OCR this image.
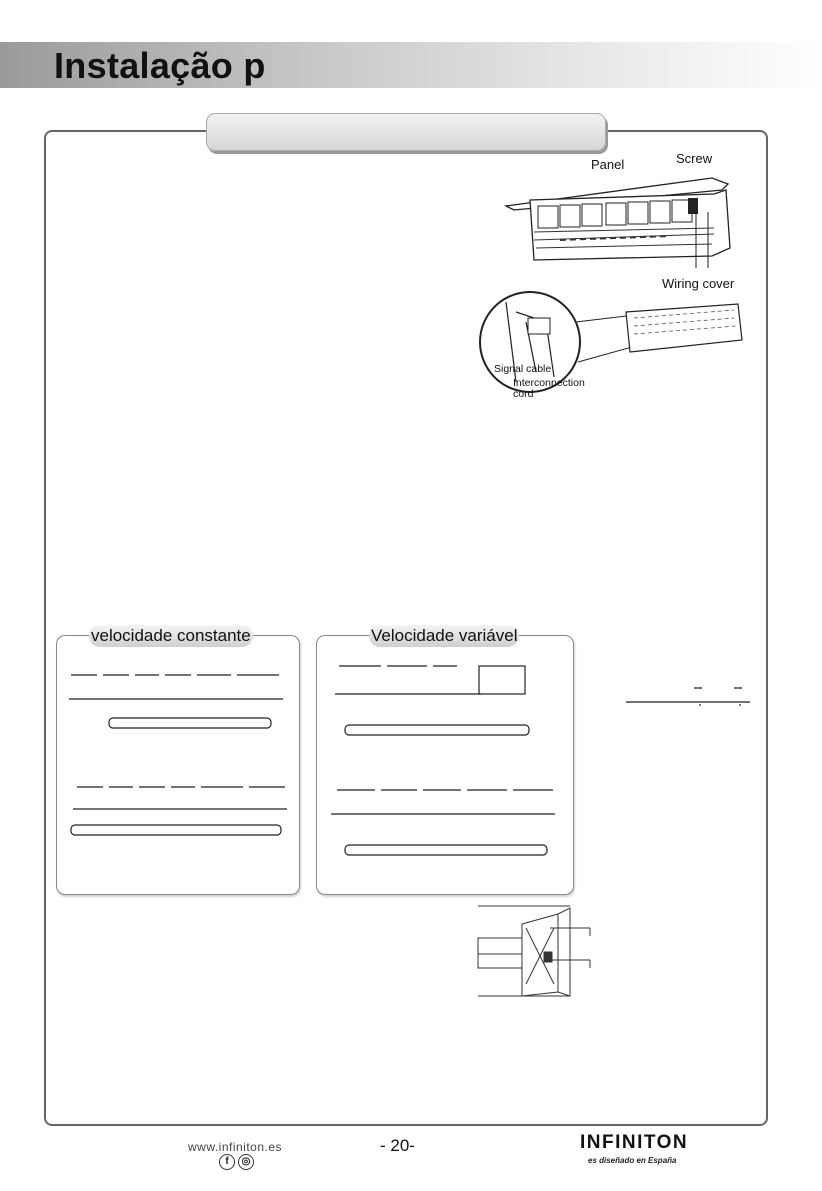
Instalação p
Panel	Screw
Wiring cover
Signal cable
Interconnection
cord
velocidade constante	Velocidade variável
www.infiniton.es
f	◎
- 20-	INFINITON
es diseñado en España
